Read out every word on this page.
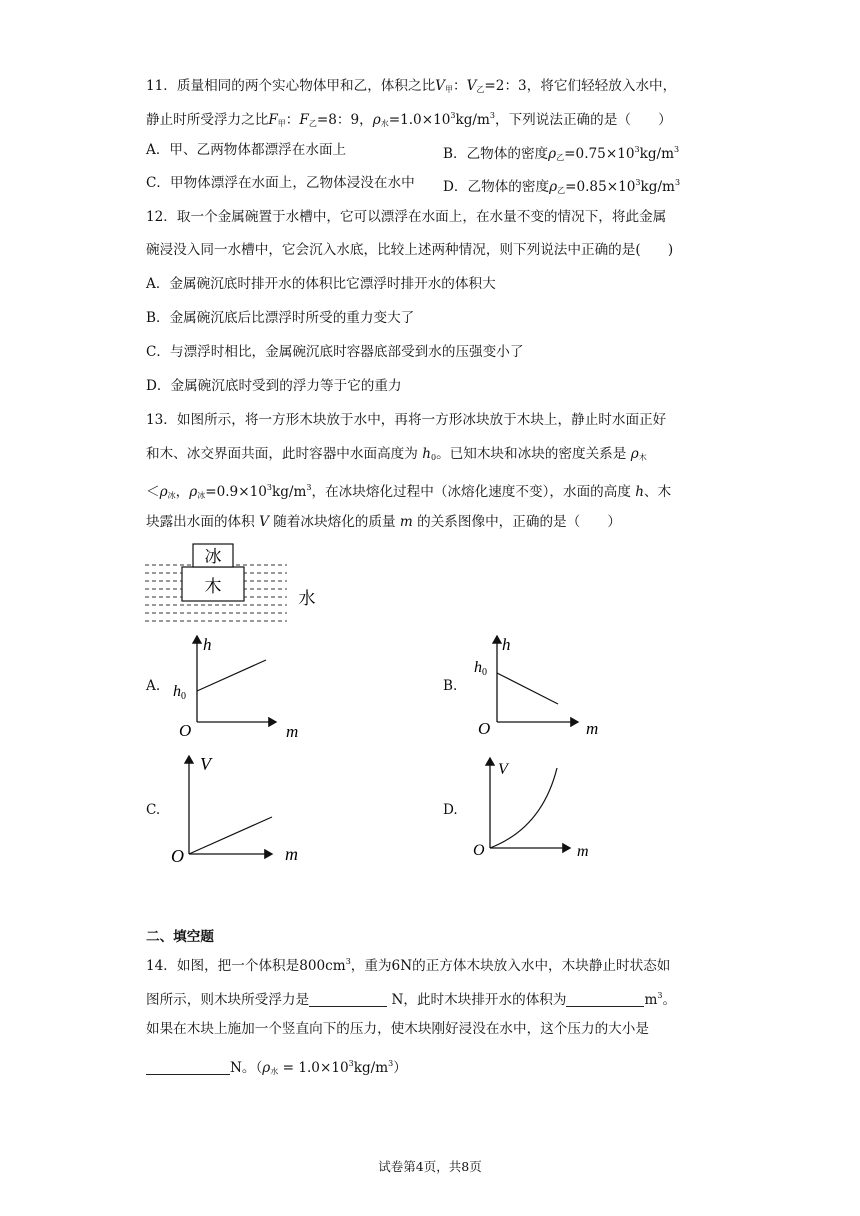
11．质量相同的两个实心物体甲和乙，体积之比$V_甲$：$V_乙=2$：3，将它们轻轻放入水中，
静止时所受浮力之比$F_甲$：$F_乙=8$：9，$\rho_水=1.0\times 10^3kg/m^3$，下列说法正确的是（　　）
A．甲、乙两物体都漂浮在水面上	B．乙物体的密度$\rho_乙=0.75\times 10^3kg/m^3$
C．甲物体漂浮在水面上，乙物体浸没在水中 D．乙物体的密度$\rho_乙=0.85\times 10^3kg/m^3$
12．取一个金属碗置于水槽中，它可以漂浮在水面上，在水量不变的情况下，将此金属
碗浸没入同一水槽中，它会沉入水底，比较上述两种情况，则下列说法中正确的是(　　)
A．金属碗沉底时排开水的体积比它漂浮时排开水的体积大
B．金属碗沉底后比漂浮时所受的重力变大了
C．与漂浮时相比，金属碗沉底时容器底部受到水的压强变小了
D．金属碗沉底时受到的浮力等于它的重力
13．如图所示，将一方形木块放于水中，再将一方形冰块放于木块上，静止时水面正好
和木、冰交界面共面，此时容器中水面高度为 $h_0$。已知木块和冰块的密度关系是 $\rho_木$
$<\rho_冰$，$\rho_冰=0.9\times 10^3kg/m^3$，在冰块熔化过程中（冰熔化速度不变），水面的高度 h、木
块露出水面的体积 V 随着冰块熔化的质量 m 的关系图像中，正确的是（　　）
冰
木
水
A.
h
m
O
h0
B.
h
m
O
h0
C.
V
m
O
D.
V
m
O
二、填空题
14．如图，把一个体积是$800cm^3$，重为6N的正方体木块放入水中，木块静止时状态如
图所示，则木块所受浮力是	N，此时木块排开水的体积为	$m^3$。
如果在木块上施加一个竖直向下的压力，使木块刚好浸没在水中，这个压力的大小是
N。$(\rho_水 = 1.0\times 10^3kg/m^3)$
试卷第4页，共8页
